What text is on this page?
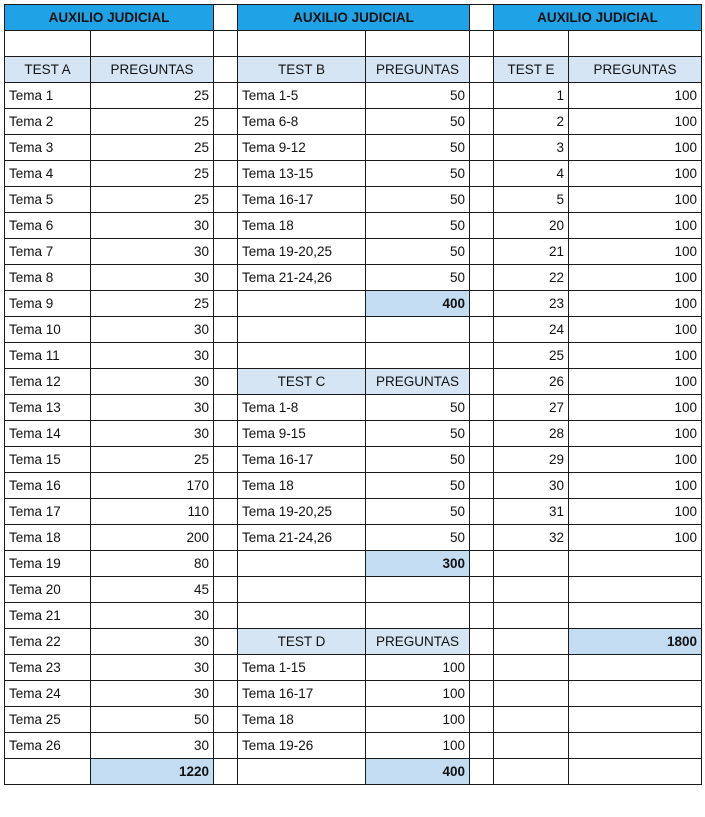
AUXILIO JUDICIAL			AUXILIO JUDICIAL			AUXILIO JUDICIAL	

TEST A	PREGUNTAS		TEST B	PREGUNTAS		TEST E	PREGUNTAS
Tema 1	25		Tema 1-5	50		1	100
Tema 2	25		Tema 6-8	50		2	100
Tema 3	25		Tema 9-12	50		3	100
Tema 4	25		Tema 13-15	50		4	100
Tema 5	25		Tema 16-17	50		5	100
Tema 6	30		Tema 18	50		20	100
Tema 7	30		Tema 19-20,25	50		21	100
Tema 8	30		Tema 21-24,26	50		22	100
Tema 9	25			400		23	100
Tema 10	30					24	100
Tema 11	30					25	100
Tema 12	30		TEST C	PREGUNTAS		26	100
Tema 13	30		Tema 1-8	50		27	100
Tema 14	30		Tema 9-15	50		28	100
Tema 15	25		Tema 16-17	50		29	100
Tema 16	170		Tema 18	50		30	100
Tema 17	110		Tema 19-20,25	50		31	100
Tema 18	200		Tema 21-24,26	50		32	100
Tema 19	80			300			
Tema 20	45						
Tema 21	30						
Tema 22	30		TEST D	PREGUNTAS			1800
Tema 23	30		Tema 1-15	100			
Tema 24	30		Tema 16-17	100			
Tema 25	50		Tema 18	100			
Tema 26	30		Tema 19-26	100			
	1220			400			
